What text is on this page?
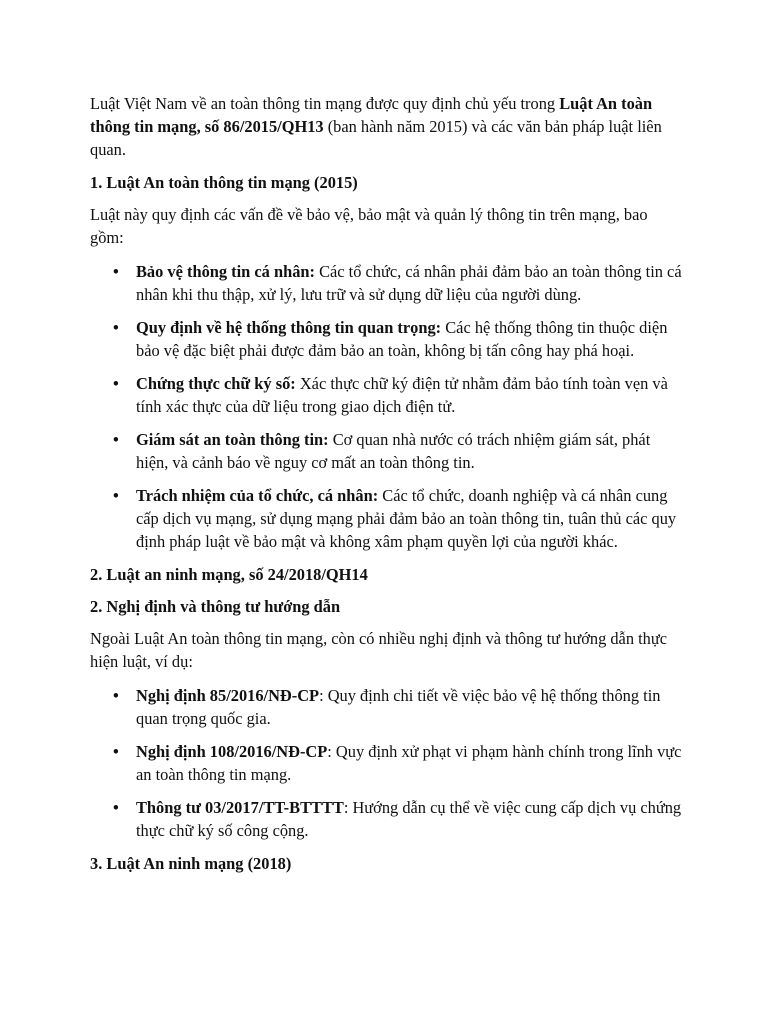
Luật Việt Nam về an toàn thông tin mạng được quy định chủ yếu trong Luật An toàn thông tin mạng, số 86/2015/QH13 (ban hành năm 2015) và các văn bản pháp luật liên quan.

1. Luật An toàn thông tin mạng (2015)

Luật này quy định các vấn đề về bảo vệ, bảo mật và quản lý thông tin trên mạng, bao gồm:

• Bảo vệ thông tin cá nhân: Các tổ chức, cá nhân phải đảm bảo an toàn thông tin cá nhân khi thu thập, xử lý, lưu trữ và sử dụng dữ liệu của người dùng.
• Quy định về hệ thống thông tin quan trọng: Các hệ thống thông tin thuộc diện bảo vệ đặc biệt phải được đảm bảo an toàn, không bị tấn công hay phá hoại.
• Chứng thực chữ ký số: Xác thực chữ ký điện tử nhằm đảm bảo tính toàn vẹn và tính xác thực của dữ liệu trong giao dịch điện tử.
• Giám sát an toàn thông tin: Cơ quan nhà nước có trách nhiệm giám sát, phát hiện, và cảnh báo về nguy cơ mất an toàn thông tin.
• Trách nhiệm của tổ chức, cá nhân: Các tổ chức, doanh nghiệp và cá nhân cung cấp dịch vụ mạng, sử dụng mạng phải đảm bảo an toàn thông tin, tuân thủ các quy định pháp luật về bảo mật và không xâm phạm quyền lợi của người khác.

2. Luật an ninh mạng, số 24/2018/QH14

2. Nghị định và thông tư hướng dẫn

Ngoài Luật An toàn thông tin mạng, còn có nhiều nghị định và thông tư hướng dẫn thực hiện luật, ví dụ:

• Nghị định 85/2016/NĐ-CP: Quy định chi tiết về việc bảo vệ hệ thống thông tin quan trọng quốc gia.
• Nghị định 108/2016/NĐ-CP: Quy định xử phạt vi phạm hành chính trong lĩnh vực an toàn thông tin mạng.
• Thông tư 03/2017/TT-BTTTT: Hướng dẫn cụ thể về việc cung cấp dịch vụ chứng thực chữ ký số công cộng.

3. Luật An ninh mạng (2018)
